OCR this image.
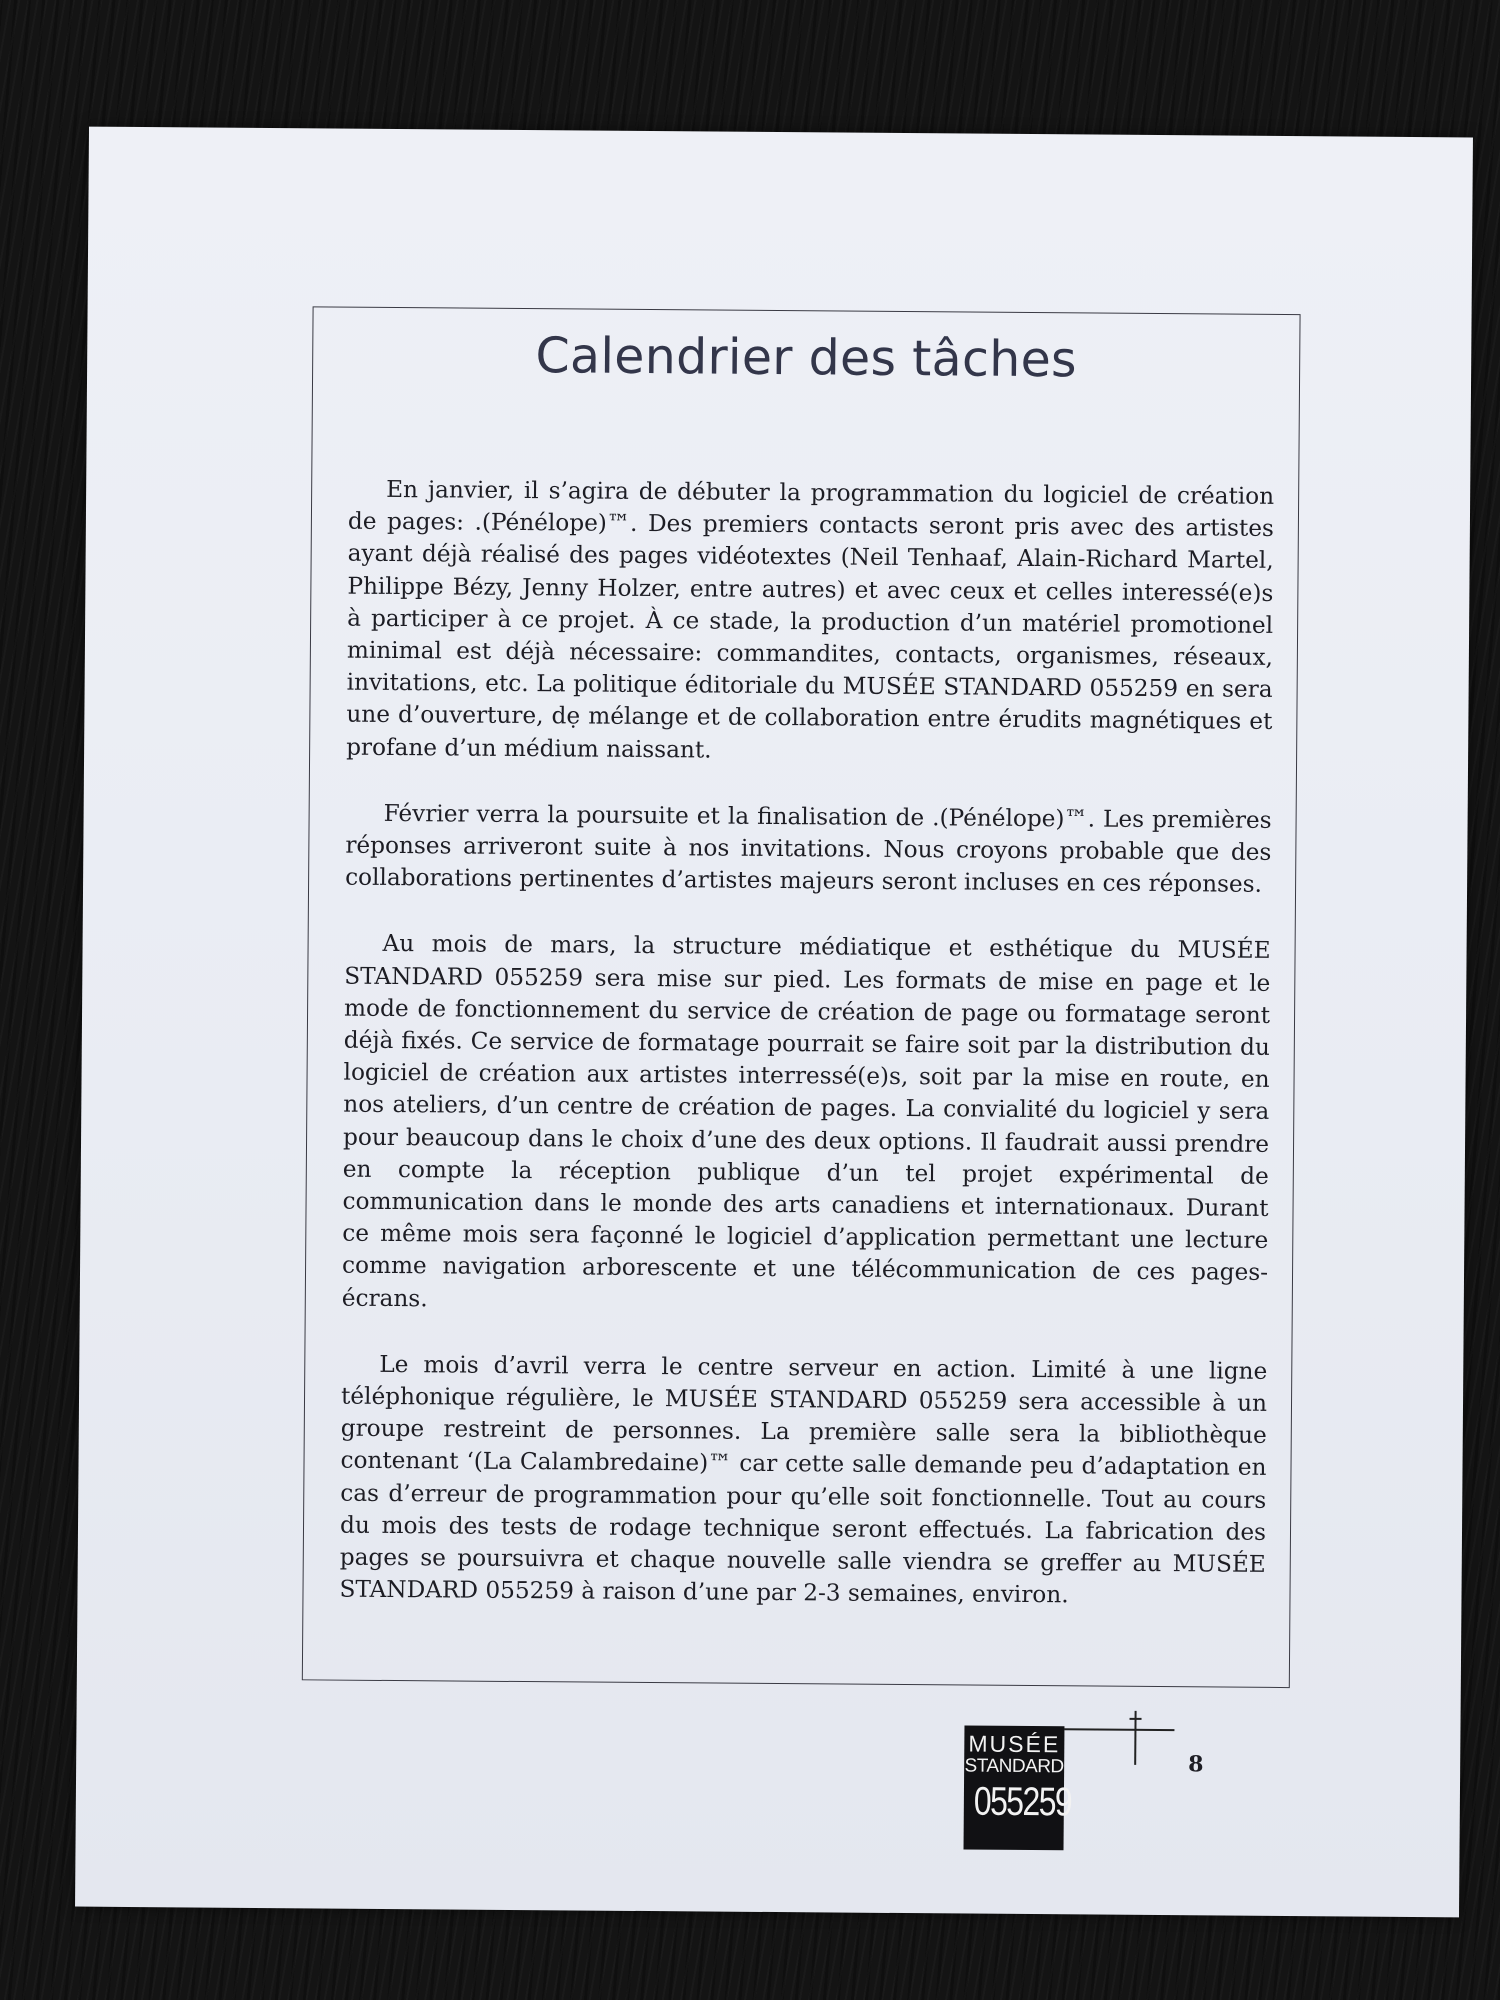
Calendrier des tâches

En janvier, il s’agira de débuter la programmation du logiciel de création de pages: .(Pénélope)™. Des premiers contacts seront pris avec des artistes ayant déjà réalisé des pages vidéotextes (Neil Tenhaaf, Alain-Richard Martel, Philippe Bézy, Jenny Holzer, entre autres) et avec ceux et celles interessé(e)s à participer à ce projet. À ce stade, la production d’un matériel promotionel minimal est déjà nécessaire: commandites, contacts, organismes, réseaux, invitations, etc. La politique éditoriale du MUSÉE STANDARD 055259 en sera une d’ouverture, dẹ mélange et de collaboration entre érudits magnétiques et profane d’un médium naissant.

Février verra la poursuite et la finalisation de .(Pénélope)™. Les premières réponses arriveront suite à nos invitations. Nous croyons probable que des collaborations pertinentes d’artistes majeurs seront incluses en ces réponses.

Au mois de mars, la structure médiatique et esthétique du MUSÉE STANDARD 055259 sera mise sur pied. Les formats de mise en page et le mode de fonctionnement du service de création de page ou formatage seront déjà fixés. Ce service de formatage pourrait se faire soit par la distribution du logiciel de création aux artistes interressé(e)s, soit par la mise en route, en nos ateliers, d’un centre de création de pages. La convialité du logiciel y sera pour beaucoup dans le choix d’une des deux options. Il faudrait aussi prendre en compte la réception publique d’un tel projet expérimental de communication dans le monde des arts canadiens et internationaux. Durant ce même mois sera façonné le logiciel d’application permettant une lecture comme navigation arborescente et une télécommunication de ces pages-écrans.

Le mois d’avril verra le centre serveur en action. Limité à une ligne téléphonique régulière, le MUSÉE STANDARD 055259 sera accessible à un groupe restreint de personnes. La première salle sera la bibliothèque contenant ‘(La Calambredaine)™ car cette salle demande peu d’adaptation en cas d’erreur de programmation pour qu’elle soit fonctionnelle. Tout au cours du mois des tests de rodage technique seront effectués. La fabrication des pages se poursuivra et chaque nouvelle salle viendra se greffer au MUSÉE STANDARD 055259 à raison d’une par 2-3 semaines, environ.

MUSÉE
STANDARD
055259
8
